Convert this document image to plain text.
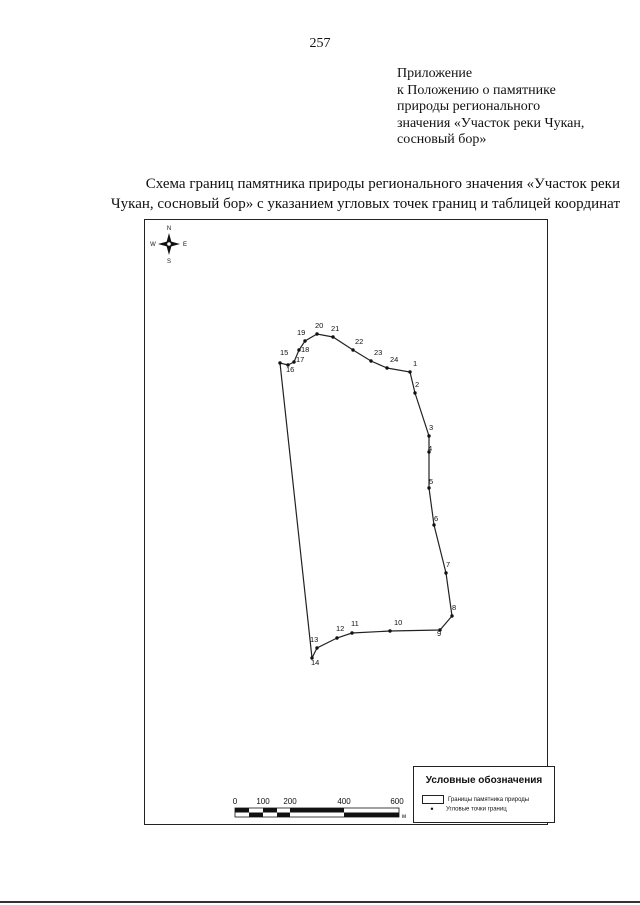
257
Приложение
к Положению о памятнике
природы регионального
значения «Участок реки Чукан,
сосновый бор»
Схема границ памятника природы регионального значения «Участок реки
Чукан, сосновый бор» с указанием угловых точек границ и таблицей координат
N
S
W	E
1
2
3
4
5
6
7
8
9
10
11
12
13
14
15
16
17
18
19
20 21
22
23
24
0 100 200	400	600
м
Условные обозначения
Границы памятника природы
• Угловые точки границ
